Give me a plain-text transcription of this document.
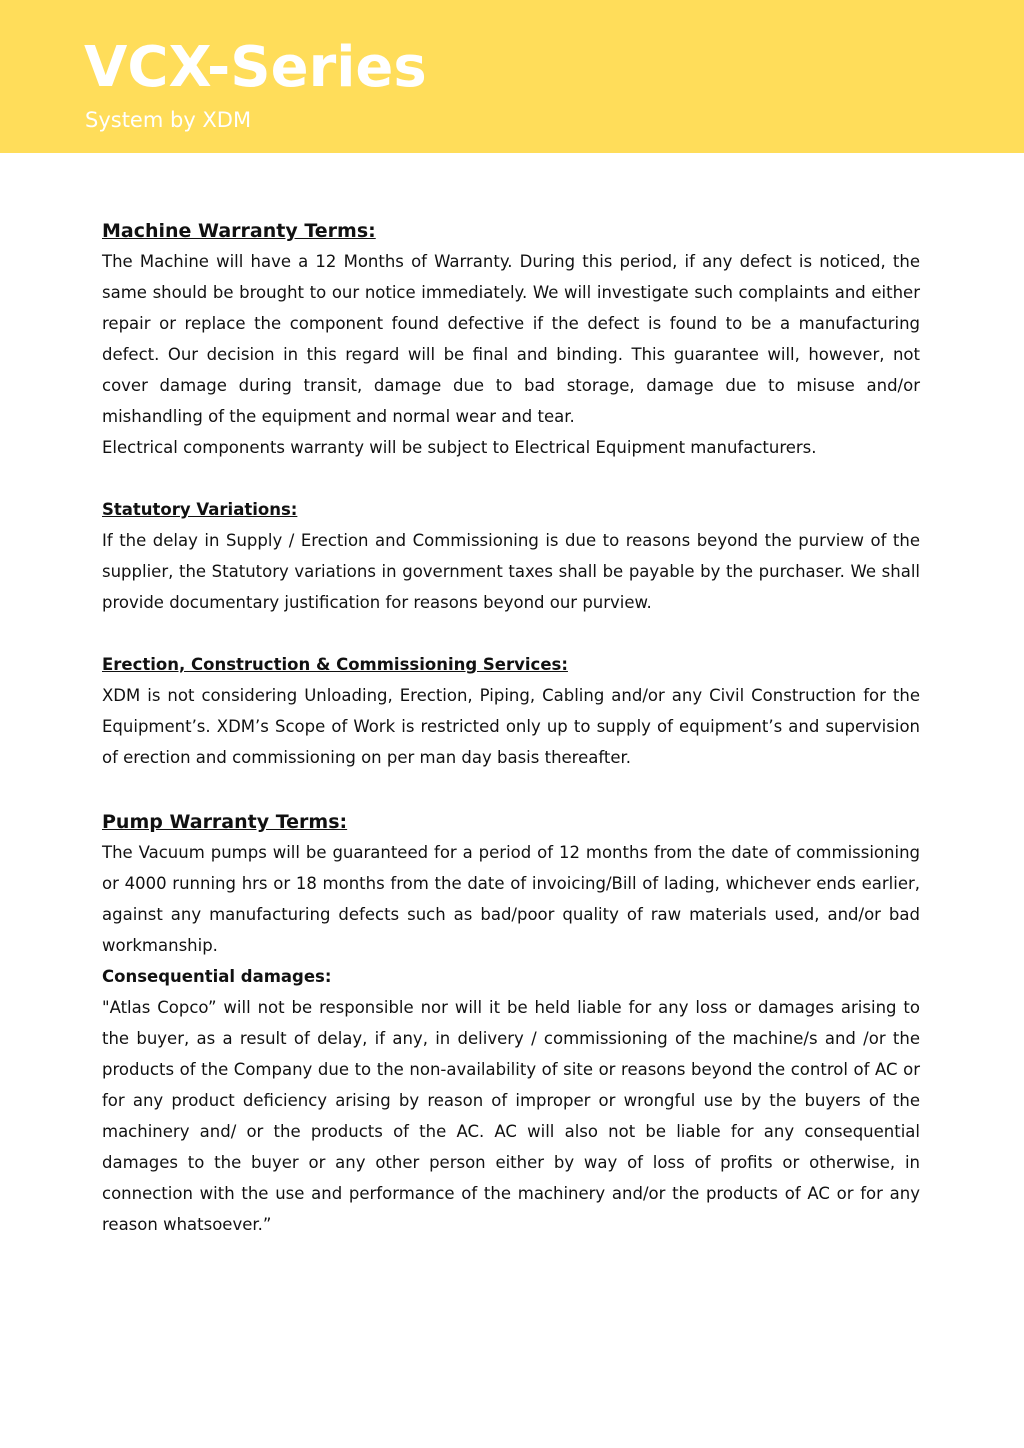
VCX-Series

System by XDM

Machine Warranty Terms:

The Machine will have a 12 Months of Warranty. During this period, if any defect is noticed, the same should be brought to our notice immediately. We will investigate such complaints and either repair or replace the component found defective if the defect is found to be a manufacturing defect. Our decision in this regard will be final and binding. This guarantee will, however, not cover damage during transit, damage due to bad storage, damage due to misuse and/or mishandling of the equipment and normal wear and tear.

Electrical components warranty will be subject to Electrical Equipment manufacturers.

Statutory Variations:

If the delay in Supply / Erection and Commissioning is due to reasons beyond the purview of the supplier, the Statutory variations in government taxes shall be payable by the purchaser. We shall provide documentary justification for reasons beyond our purview.

Erection, Construction & Commissioning Services:

XDM is not considering Unloading, Erection, Piping, Cabling and/or any Civil Construction for the Equipment’s. XDM’s Scope of Work is restricted only up to supply of equipment’s and supervision of erection and commissioning on per man day basis thereafter.

Pump Warranty Terms:

The Vacuum pumps will be guaranteed for a period of 12 months from the date of commissioning or 4000 running hrs or 18 months from the date of invoicing/Bill of lading, whichever ends earlier, against any manufacturing defects such as bad/poor quality of raw materials used, and/or bad workmanship.

Consequential damages:

"Atlas Copco” will not be responsible nor will it be held liable for any loss or damages arising to the buyer, as a result of delay, if any, in delivery / commissioning of the machine/s and /or the products of the Company due to the non-availability of site or reasons beyond the control of AC or for any product deficiency arising by reason of improper or wrongful use by the buyers of the machinery and/ or the products of the AC. AC will also not be liable for any consequential damages to the buyer or any other person either by way of loss of profits or otherwise, in connection with the use and performance of the machinery and/or the products of AC or for any reason whatsoever.”
